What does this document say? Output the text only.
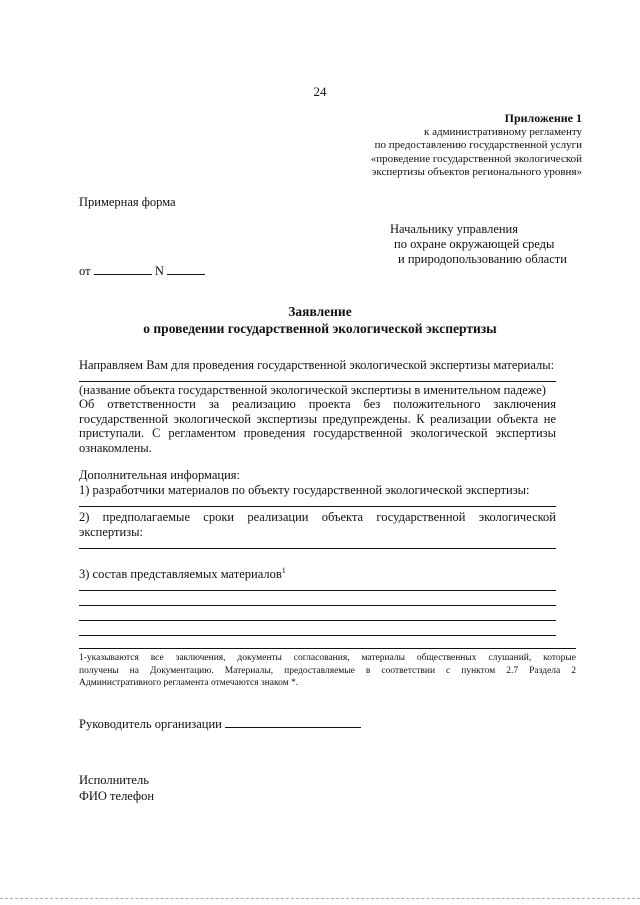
24
Приложение 1
к административному регламенту
по предоставлению государственной услуги
«проведение государственной экологической
экспертизы объектов регионального уровня»
Примерная форма
Начальнику управления
по охране окружающей среды
и природопользованию области
от	N
Заявление
о проведении государственной экологической экспертизы
Направляем Вам для проведения государственной экологической экспертизы материалы:
(название объекта государственной экологической экспертизы в именительном падеже)
Об ответственности за реализацию проекта без положительного заключения
государственной экологической экспертизы предупреждены. К реализации объекта не
приступали. С регламентом проведения государственной экологической экспертизы
ознакомлены.
Дополнительная информация:
1) разработчики материалов по объекту государственной экологической экспертизы:
2) предполагаемые сроки реализации объекта государственной экологической
экспертизы:
3) состав представляемых материалов$^1$
1-указываются все заключения, документы согласования, материалы общественных слушаний, которые
получены на Документацию. Материалы, предоставляемые в соответствии с пунктом 2.7 Раздела 2
Административного регламента отмечаются знаком *.
Руководитель организации
Исполнитель
ФИО телефон
